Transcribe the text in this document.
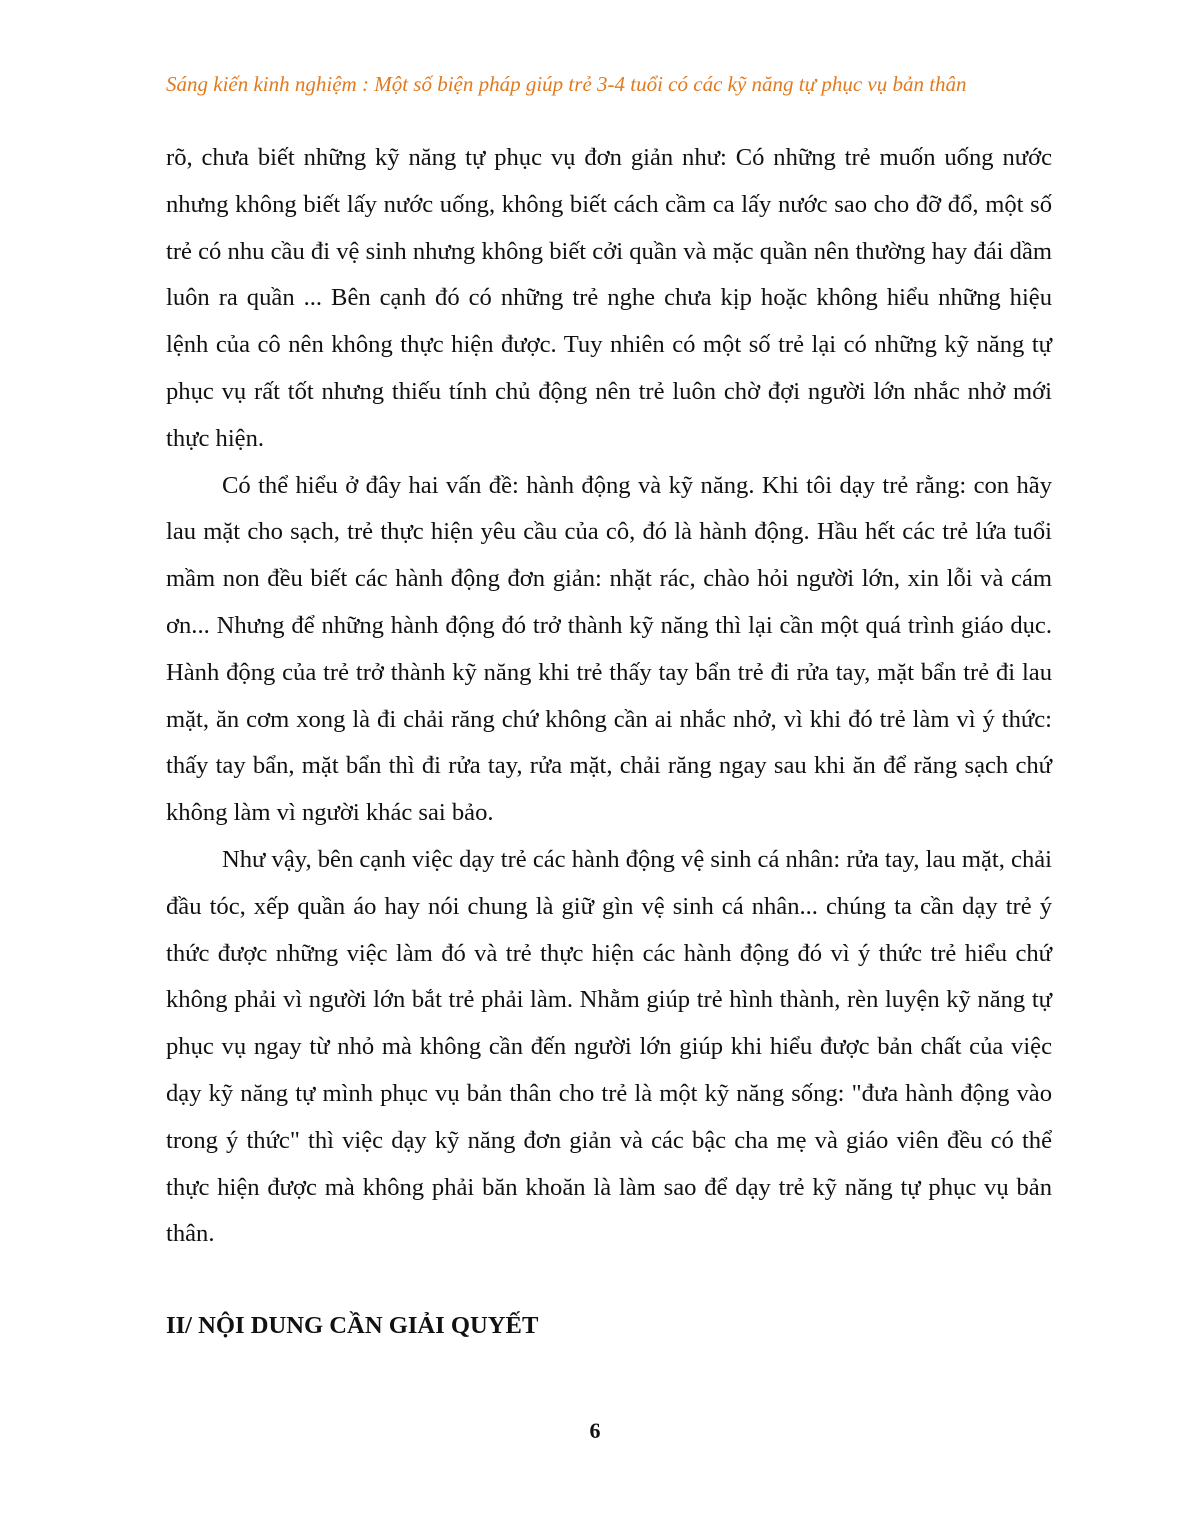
Sáng kiến kinh nghiệm : Một số biện pháp giúp trẻ 3-4 tuổi có các kỹ năng tự phục vụ bản thân

rõ, chưa biết những kỹ năng tự phục vụ đơn giản như: Có những trẻ muốn uống nước nhưng không biết lấy nước uống, không biết cách cầm ca lấy nước sao cho đỡ đổ, một số trẻ có nhu cầu đi vệ sinh nhưng không biết cởi quần và mặc quần nên thường hay đái dầm luôn ra quần ... Bên cạnh đó có những trẻ nghe chưa kịp hoặc không hiểu những hiệu lệnh của cô nên không thực hiện được. Tuy nhiên có một số trẻ lại có những kỹ năng tự phục vụ rất tốt nhưng thiếu tính chủ động nên trẻ luôn chờ đợi người lớn nhắc nhở mới thực hiện.

Có thể hiểu ở đây hai vấn đề: hành động và kỹ năng. Khi tôi dạy trẻ rằng: con hãy lau mặt cho sạch, trẻ thực hiện yêu cầu của cô, đó là hành động. Hầu hết các trẻ lứa tuổi mầm non đều biết các hành động đơn giản: nhặt rác, chào hỏi người lớn, xin lỗi và cám ơn... Nhưng để những hành động đó trở thành kỹ năng thì lại cần một quá trình giáo dục. Hành động của trẻ trở thành kỹ năng khi trẻ thấy tay bẩn trẻ đi rửa tay, mặt bẩn trẻ đi lau mặt, ăn cơm xong là đi chải răng chứ không cần ai nhắc nhở, vì khi đó trẻ làm vì ý thức: thấy tay bẩn, mặt bẩn thì đi rửa tay, rửa mặt, chải răng ngay sau khi ăn để răng sạch chứ không làm vì người khác sai bảo.

Như vậy, bên cạnh việc dạy trẻ các hành động vệ sinh cá nhân: rửa tay, lau mặt, chải đầu tóc, xếp quần áo hay nói chung là giữ gìn vệ sinh cá nhân... chúng ta cần dạy trẻ ý thức được những việc làm đó và trẻ thực hiện các hành động đó vì ý thức trẻ hiểu chứ không phải vì người lớn bắt trẻ phải làm. Nhằm giúp trẻ hình thành, rèn luyện kỹ năng tự phục vụ ngay từ nhỏ mà không cần đến người lớn giúp khi hiểu được bản chất của việc dạy kỹ năng tự mình phục vụ bản thân cho trẻ là một kỹ năng sống: "đưa hành động vào trong ý thức" thì việc dạy kỹ năng đơn giản và các bậc cha mẹ và giáo viên đều có thể thực hiện được mà không phải băn khoăn là làm sao để dạy trẻ kỹ năng tự phục vụ bản thân.

II/ NỘI DUNG CẦN GIẢI QUYẾT
6
